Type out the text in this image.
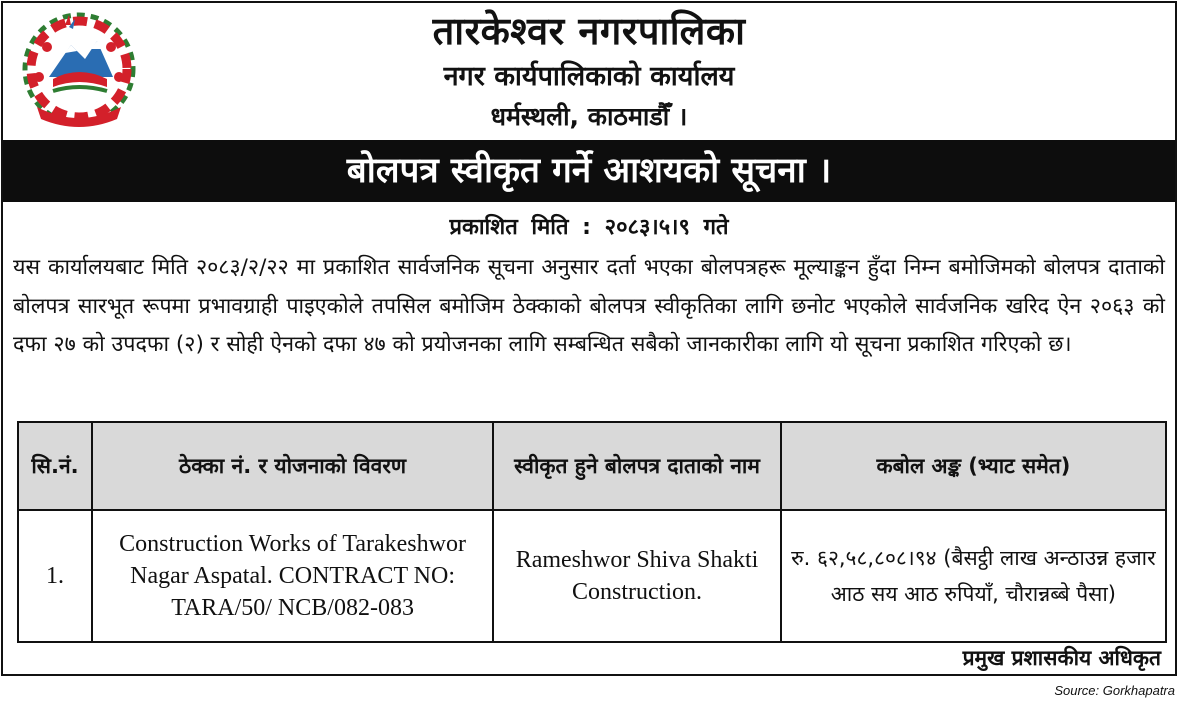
तारकेश्वर नगरपालिका
नगर कार्यपालिकाको कार्यालय
धर्मस्थली, काठमाडौँ ।
बोलपत्र स्वीकृत गर्ने आशयको सूचना ।
प्रकाशित मिति : २०८३।५।९ गते
यस कार्यालयबाट मिति २०८३/२/२२ मा प्रकाशित सार्वजनिक सूचना अनुसार दर्ता भएका बोलपत्रहरू मूल्याङ्कन हुँदा निम्न बमोजिमको बोलपत्र दाताको बोलपत्र सारभूत रूपमा प्रभावग्राही पाइएकोले तपसिल बमोजिम ठेक्काको बोलपत्र स्वीकृतिका लागि छनोट भएकोले सार्वजनिक खरिद ऐन २०६३ को दफा २७ को उपदफा (२) र सोही ऐनको दफा ४७ को प्रयोजनका लागि सम्बन्धित सबैको जानकारीका लागि यो सूचना प्रकाशित गरिएको छ।
सि.नं.	ठेक्का नं. र योजनाको विवरण	स्वीकृत हुने बोलपत्र दाताको नाम	कबोल अङ्क (भ्याट समेत)
1.	Construction Works of Tarakeshwor Nagar Aspatal. CONTRACT NO: TARA/50/ NCB/082-083	Rameshwor Shiva Shakti Construction.	रु. ६२,५८,८०८।९४ (बैसट्ठी लाख अन्ठाउन्न हजार आठ सय आठ रुपियाँ, चौरान्नब्बे पैसा)
प्रमुख प्रशासकीय अधिकृत
Source: Gorkhapatra
